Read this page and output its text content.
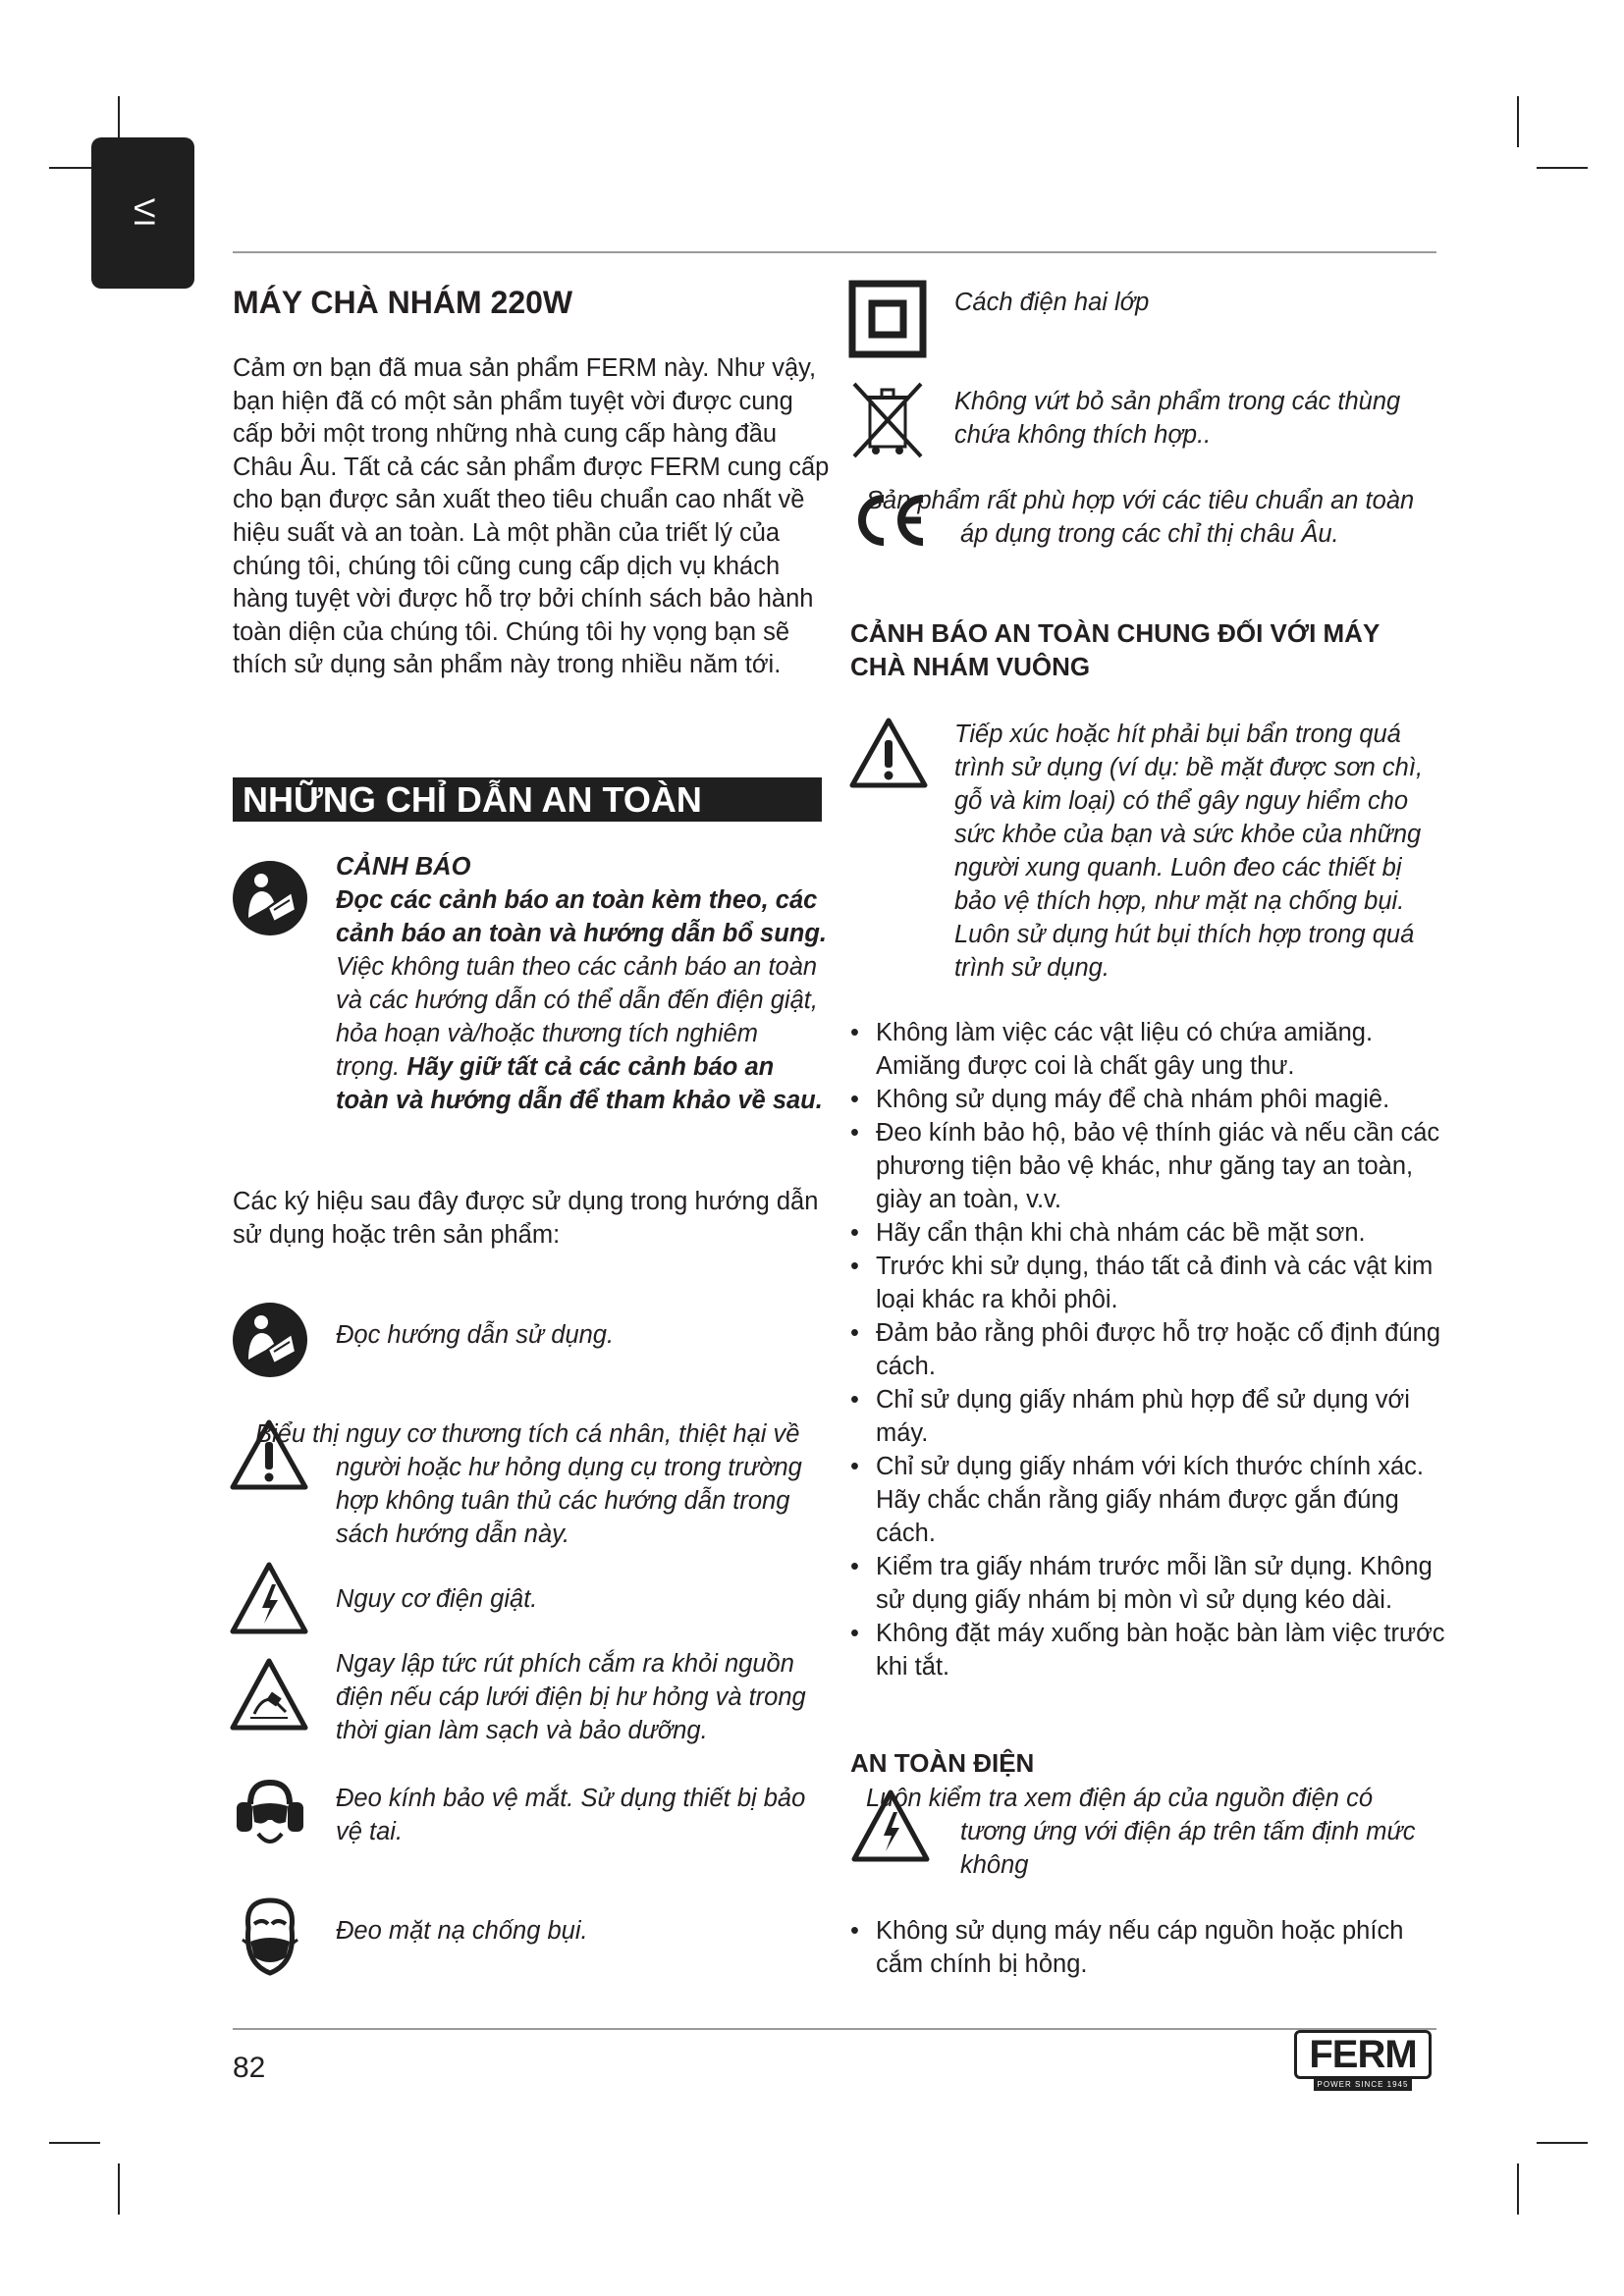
VI
MÁY CHÀ NHÁM 220W

Cảm ơn bạn đã mua sản phẩm FERM này. Như vậy, bạn hiện đã có một sản phẩm tuyệt vời được cung cấp bởi một trong những nhà cung cấp hàng đầu Châu Âu. Tất cả các sản phẩm được FERM cung cấp cho bạn được sản xuất theo tiêu chuẩn cao nhất về hiệu suất và an toàn. Là một phần của triết lý của chúng tôi, chúng tôi cũng cung cấp dịch vụ khách hàng tuyệt vời được hỗ trợ bởi chính sách bảo hành toàn diện của chúng tôi. Chúng tôi hy vọng bạn sẽ thích sử dụng sản phẩm này trong nhiều năm tới.

NHỮNG CHỈ DẪN AN TOÀN
CẢNH BÁO
Đọc các cảnh báo an toàn kèm theo, các cảnh báo an toàn và hướng dẫn bổ sung. Việc không tuân theo các cảnh báo an toàn và các hướng dẫn có thể dẫn đến điện giật, hỏa hoạn và/hoặc thương tích nghiêm trọng. Hãy giữ tất cả các cảnh báo an toàn và hướng dẫn để tham khảo về sau.

Các ký hiệu sau đây được sử dụng trong hướng dẫn sử dụng hoặc trên sản phẩm:

Đọc hướng dẫn sử dụng.
Biểu thị nguy cơ thương tích cá nhân, thiệt hại về người hoặc hư hỏng dụng cụ trong trường hợp không tuân thủ các hướng dẫn trong sách hướng dẫn này.
Nguy cơ điện giật.
Ngay lập tức rút phích cắm ra khỏi nguồn điện nếu cáp lưới điện bị hư hỏng và trong thời gian làm sạch và bảo dưỡng.
Đeo kính bảo vệ mắt. Sử dụng thiết bị bảo vệ tai.
Đeo mặt nạ chống bụi.
Cách điện hai lớp
Không vứt bỏ sản phẩm trong các thùng chứa không thích hợp..
Sản phẩm rất phù hợp với các tiêu chuẩn an toàn áp dụng trong các chỉ thị châu Âu.
CẢNH BÁO AN TOÀN CHUNG ĐỐI VỚI MÁY CHÀ NHÁM VUÔNG
Tiếp xúc hoặc hít phải bụi bẩn trong quá trình sử dụng (ví dụ: bề mặt được sơn chì, gỗ và kim loại) có thể gây nguy hiểm cho sức khỏe của bạn và sức khỏe của những người xung quanh. Luôn đeo các thiết bị bảo vệ thích hợp, như mặt nạ chống bụi. Luôn sử dụng hút bụi thích hợp trong quá trình sử dụng.
• Không làm việc các vật liệu có chứa amiăng. Amiăng được coi là chất gây ung thư.
• Không sử dụng máy để chà nhám phôi magiê.
• Đeo kính bảo hộ, bảo vệ thính giác và nếu cần các phương tiện bảo vệ khác, như găng tay an toàn, giày an toàn, v.v.
• Hãy cẩn thận khi chà nhám các bề mặt sơn.
• Trước khi sử dụng, tháo tất cả đinh và các vật kim loại khác ra khỏi phôi.
• Đảm bảo rằng phôi được hỗ trợ hoặc cố định đúng cách.
• Chỉ sử dụng giấy nhám phù hợp để sử dụng với máy.
• Chỉ sử dụng giấy nhám với kích thước chính xác. Hãy chắc chắn rằng giấy nhám được gắn đúng cách.
• Kiểm tra giấy nhám trước mỗi lần sử dụng. Không sử dụng giấy nhám bị mòn vì sử dụng kéo dài.
• Không đặt máy xuống bàn hoặc bàn làm việc trước khi tắt.
AN TOÀN ĐIỆN
Luôn kiểm tra xem điện áp của nguồn điện có tương ứng với điện áp trên tấm định mức không
• Không sử dụng máy nếu cáp nguồn hoặc phích cắm chính bị hỏng.
82	FERM
POWER SINCE 1945
